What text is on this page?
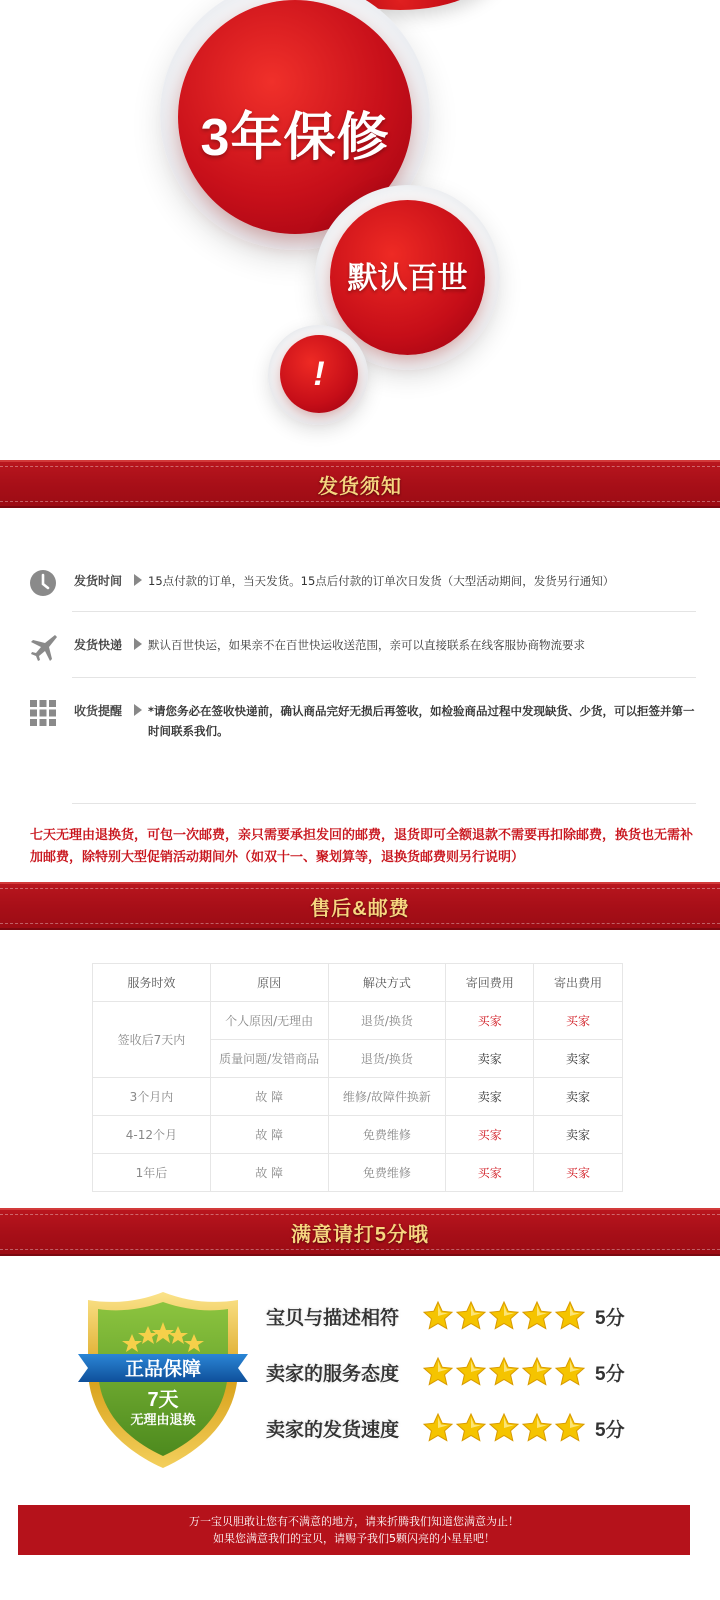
3年保修
默认百世
!
发货须知
发货时间	15点付款的订单，当天发货。15点后付款的订单次日发货（大型活动期间，发货另行通知）
发货快递	默认百世快运，如果亲不在百世快运收送范围，亲可以直接联系在线客服协商物流要求
收货提醒	*请您务必在签收快递前，确认商品完好无损后再签收，如检验商品过程中发现缺货、少货，可以拒签并第一时间联系我们。
七天无理由退换货，可包一次邮费，亲只需要承担发回的邮费，退货即可全额退款不需要再扣除邮费，换货也无需补加邮费，除特别大型促销活动期间外（如双十一、聚划算等，退换货邮费则另行说明）
售后&邮费
服务时效	原因	解决方式	寄回费用	寄出费用
签收后7天内	个人原因/无理由	退货/换货	买家	买家
	质量问题/发错商品	退货/换货	卖家	卖家
3个月内	故 障	维修/故障件换新	卖家	卖家
4-12个月	故 障	免费维修	买家	卖家
1年后	故 障	免费维修	买家	买家
满意请打5分哦
正品保障
7天
无理由退换
宝贝与描述相符	5分
卖家的服务态度	5分
卖家的发货速度	5分
万一宝贝胆敢让您有不满意的地方，请来折腾我们知道您满意为止！
如果您满意我们的宝贝，请赐予我们5颗闪亮的小星星吧！
